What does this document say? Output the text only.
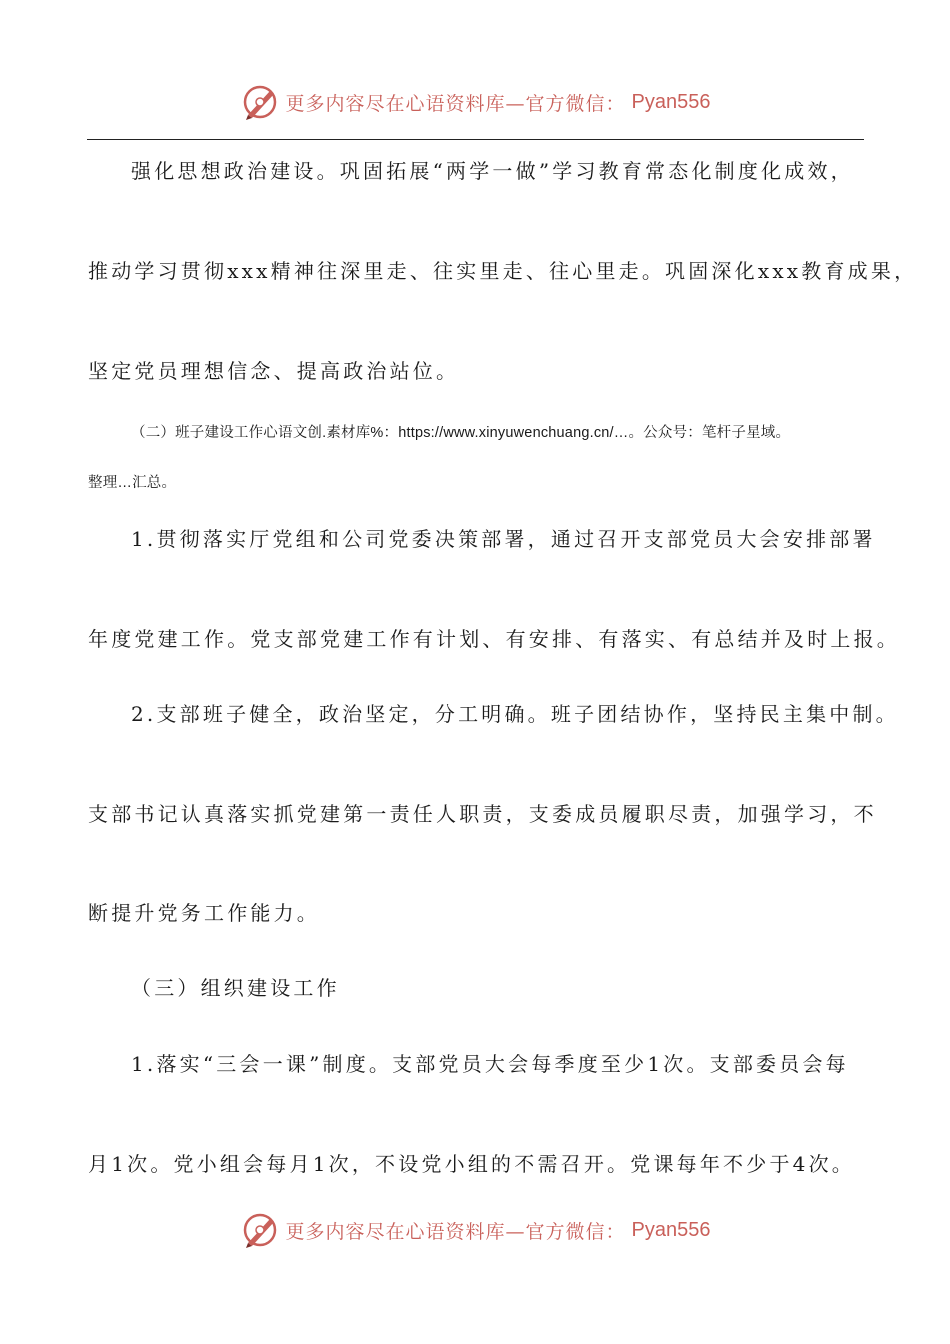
更多内容尽在心语资料库—官方微信： Pyan556
强化思想政治建设。巩固拓展“两学一做”学习教育常态化制度化成效，
推动学习贯彻xxx精神往深里走、往实里走、往心里走。巩固深化xxx教育成果，
坚定党员理想信念、提高政治站位。
（二）班子建设工作心语文创.素材库%：https://www.xinyuwenchuang.cn/…。公众号：笔杆子星域。
整理…汇总。
1.贯彻落实厅党组和公司党委决策部署，通过召开支部党员大会安排部署
年度党建工作。党支部党建工作有计划、有安排、有落实、有总结并及时上报。
2.支部班子健全，政治坚定，分工明确。班子团结协作，坚持民主集中制。
支部书记认真落实抓党建第一责任人职责，支委成员履职尽责，加强学习，不
断提升党务工作能力。
（三）组织建设工作
1.落实“三会一课”制度。支部党员大会每季度至少1次。支部委员会每
月1次。党小组会每月1次，不设党小组的不需召开。党课每年不少于4次。
更多内容尽在心语资料库—官方微信： Pyan556
